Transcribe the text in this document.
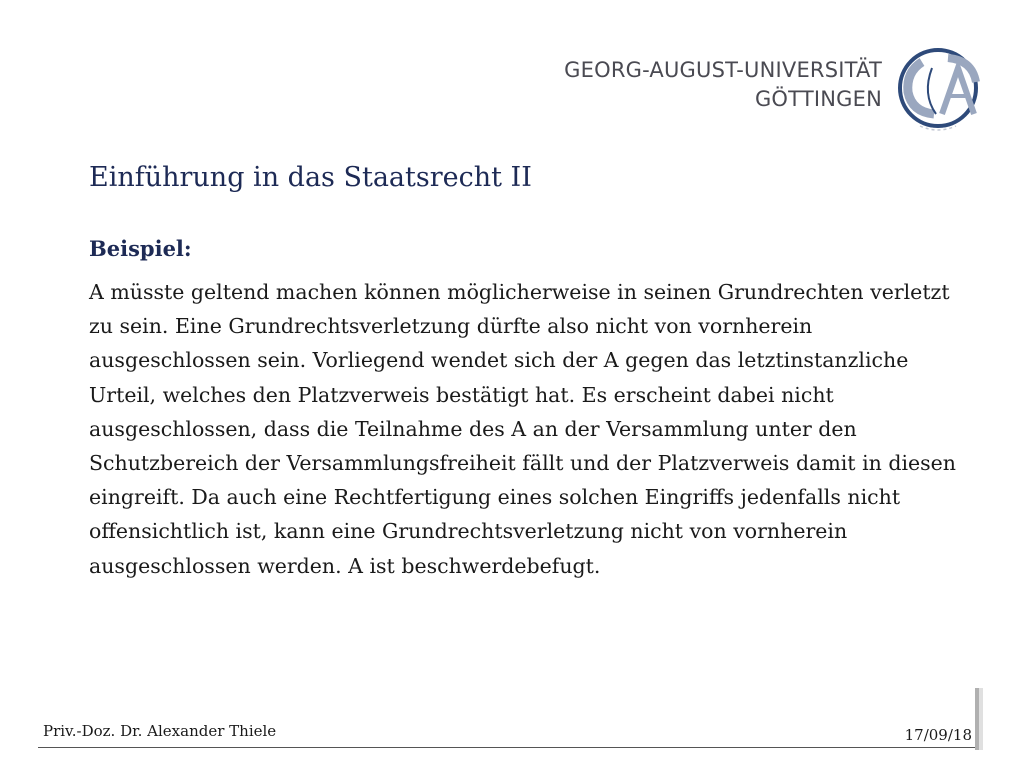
GEORG-AUGUST-UNIVERSITÄT
GÖTTINGEN
Einführung in das Staatsrecht II

Beispiel:

A müsste geltend machen können möglicherweise in seinen Grundrechten verletzt zu sein. Eine Grundrechtsverletzung dürfte also nicht von vornherein ausgeschlossen sein. Vorliegend wendet sich der A gegen das letztinstanzliche Urteil, welches den Platzverweis bestätigt hat. Es erscheint dabei nicht ausgeschlossen, dass die Teilnahme des A an der Versammlung unter den Schutzbereich der Versammlungsfreiheit fällt und der Platzverweis damit in diesen eingreift. Da auch eine Rechtfertigung eines solchen Eingriffs jedenfalls nicht offensichtlich ist, kann eine Grundrechtsverletzung nicht von vornherein ausgeschlossen werden. A ist beschwerdebefugt.

Priv.-Doz. Dr. Alexander Thiele	17/09/18
